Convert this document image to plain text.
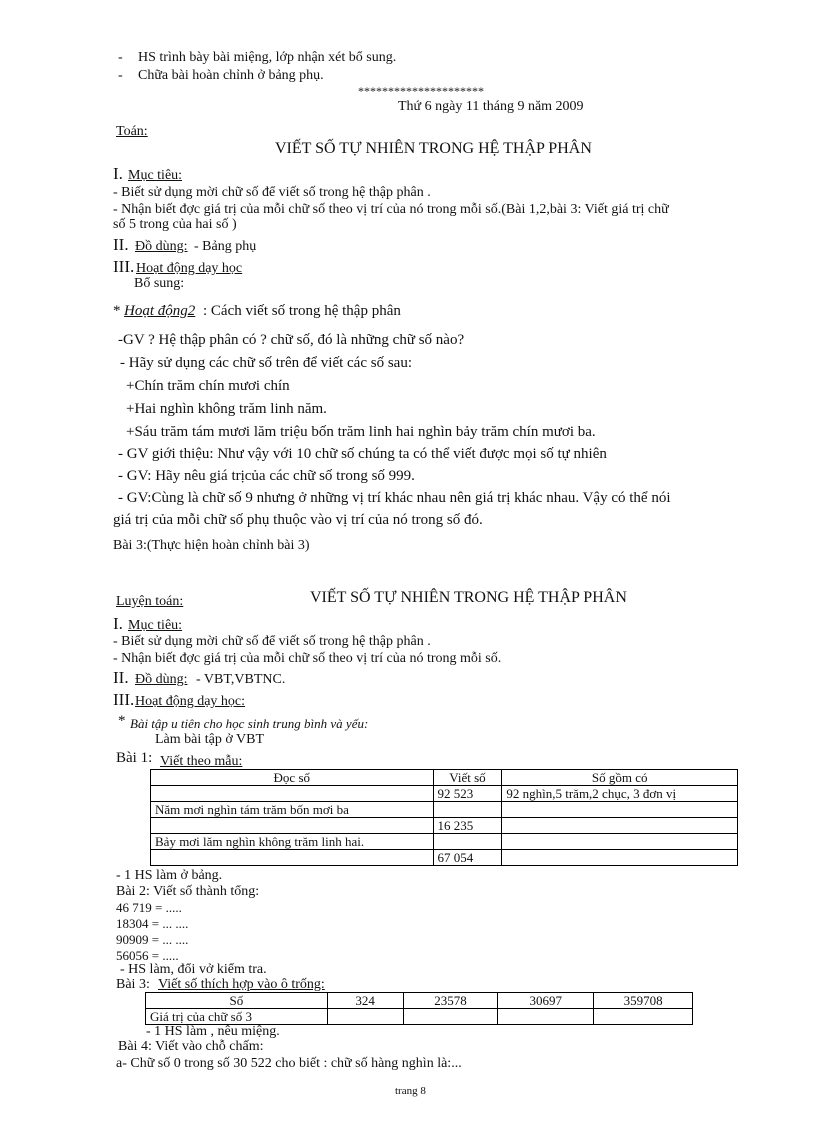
- HS trình bày bài miệng, lớp nhận xét bổ sung.
- Chữa bài hoàn chỉnh ở bảng phụ.
*********************
Thứ 6 ngày 11 tháng 9 năm 2009
Toán:
VIẾT SỐ TỰ NHIÊN TRONG HỆ THẬP PHÂN
I. Mục tiêu:
- Biết sử dụng mời chữ số để viết số trong hệ thập phân .
- Nhận biết đợc giá trị của mỗi chữ số theo vị trí của nó trong mỗi số.(Bài 1,2,bài 3: Viết giá trị chữ
số 5 trong của hai số )
II. Đồ dùng: - Bảng phụ
III. Hoạt động dạy học
Bổ sung:
* Hoạt động2 : Cách viết số trong hệ thập phân
-GV ? Hệ thập phân có ? chữ số, đó là những chữ số nào?
- Hãy sử dụng các chữ số trên để viết các số sau:
+Chín trăm chín mươi chín
+Hai nghìn không trăm linh năm.
+Sáu trăm tám mươi lăm triệu bốn trăm linh hai nghìn bảy trăm chín mươi ba.
- GV giới thiệu: Như vậy với 10 chữ số chúng ta có thể viết được mọi số tự nhiên
- GV: Hãy nêu giá trịcủa các chữ số trong số 999.
- GV:Cùng là chữ số 9 nhưng ở những vị trí khác nhau nên giá trị khác nhau. Vậy có thể nói
giá trị của mỗi chữ số phụ thuộc vào vị trí của nó trong số đó.
Bài 3:(Thực hiện hoàn chỉnh bài 3)
Luyện toán:	VIẾT SỐ TỰ NHIÊN TRONG HỆ THẬP PHÂN
I. Mục tiêu:
- Biết sử dụng mời chữ số để viết số trong hệ thập phân .
- Nhận biết đợc giá trị của mỗi chữ số theo vị trí của nó trong mỗi số.
II. Đồ dùng: - VBT,VBTNC.
III. Hoạt động dạy học:
* Bài tập u tiên cho học sinh trung bình và yếu:
Làm bài tập ở VBT
Bài 1: Viết theo mẫu:
Đọc số	Viết số	Số gồm có
	92 523	92 nghìn,5 trăm,2 chục, 3 đơn vị
Năm mơi nghìn tám trăm bốn mơi ba		
	16 235	
Bảy mơi lăm nghìn không trăm linh hai.		
	67 054	
- 1 HS làm ở bảng.
Bài 2: Viết số thành tổng:
46 719 = .....
18304 = ... ....
90909 = ... ....
56056 = .....
- HS làm, đổi vở kiểm tra.
Bài 3: Viết số thích hợp vào ô trống:
Số	324	23578	30697	359708
Giá trị của chữ số 3				
- 1 HS làm , nêu miệng.
Bài 4: Viết vào chỗ chấm:
a- Chữ số 0 trong số 30 522 cho biết : chữ số hàng nghìn là:...
trang 8
